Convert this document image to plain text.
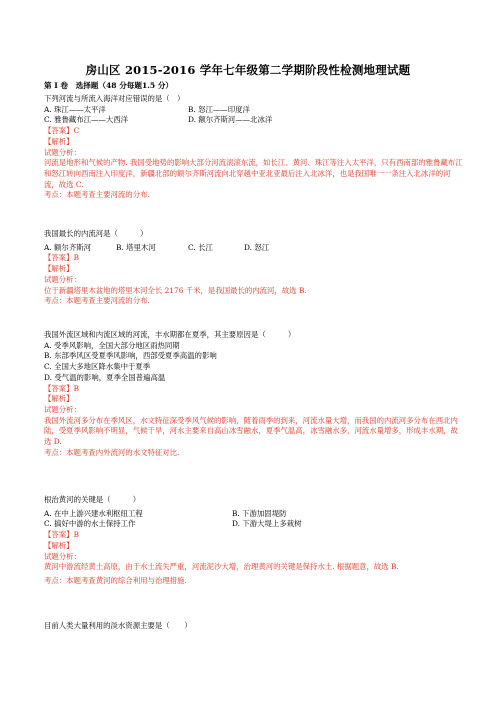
房山区 2015-2016 学年七年级第二学期阶段性检测地理试题
第 I 卷　选择题（48 分每题1.5 分）
下列河流与所流入海洋对应错误的是（　）
A. 珠江——太平洋	B. 怒江——印度洋
C. 雅鲁藏布江——大西洋	D. 额尔齐斯河——北冰洋
【答案】C
【解析】
试题分析：
河流是地形和气候的产物. 我国受地势的影响大部分河流滚滚东流，如长江、黄河、珠江等注入太平洋，只有西南部的雅鲁藏布江和怒江转向西南注入印度洋，新疆北部的额尔齐斯河流向北穿越中亚北亚最后注入北冰洋，也是我国唯一一条注入北冰洋的河流，故选 C.
考点：本题考查主要河流的分布.
我国最长的内流河是（　　　）
A. 额尔齐斯河	B. 塔里木河	C. 长江	D. 怒江
【答案】B
【解析】
试题分析：
位于新疆塔里木盆地的塔里木河全长 2176 千米，是我国最长的内流河，故选 B.
考点：本题考查主要河流的分布.
我国外流区域和内流区域的河流，丰水期都在夏季，其主要原因是（　　　）
A. 受季风影响，全国大部分地区雨热同期
B. 东部季风区受夏季风影响，西部受夏季高温的影响
C. 全国大多地区降水集中于夏季
D. 受气温的影响，夏季全国普遍高温
【答案】B
【解析】
试题分析：
我国外流河多分布在季风区，水文特征深受季风气候的影响，随着雨季的到来，河流水量大增，而我国的内流河多分布在西北内陆，受夏季风影响不明显，气候干旱，河水主要来自高山冰雪融水，夏季气温高，冰雪融水多，河流水量增多，形成丰水期，故选 D.
考点：本题考查内外流河的水文特征对比.
根治黄河的关键是（　　　）
A. 在中上游兴建水利枢纽工程	B. 下游加固堤防
C. 搞好中游的水土保持工作	D. 下游大堤上多栽树
【答案】B
【解析】
试题分析：
黄河中游流经黄土高原，由于水土流失严重，河流泥沙大增，治理黄河的关键是保持水土. 根据题意，故选 B.
考点：本题考查黄河的综合利用与治理措施.
目前人类大量利用的淡水资源主要是（　　）
